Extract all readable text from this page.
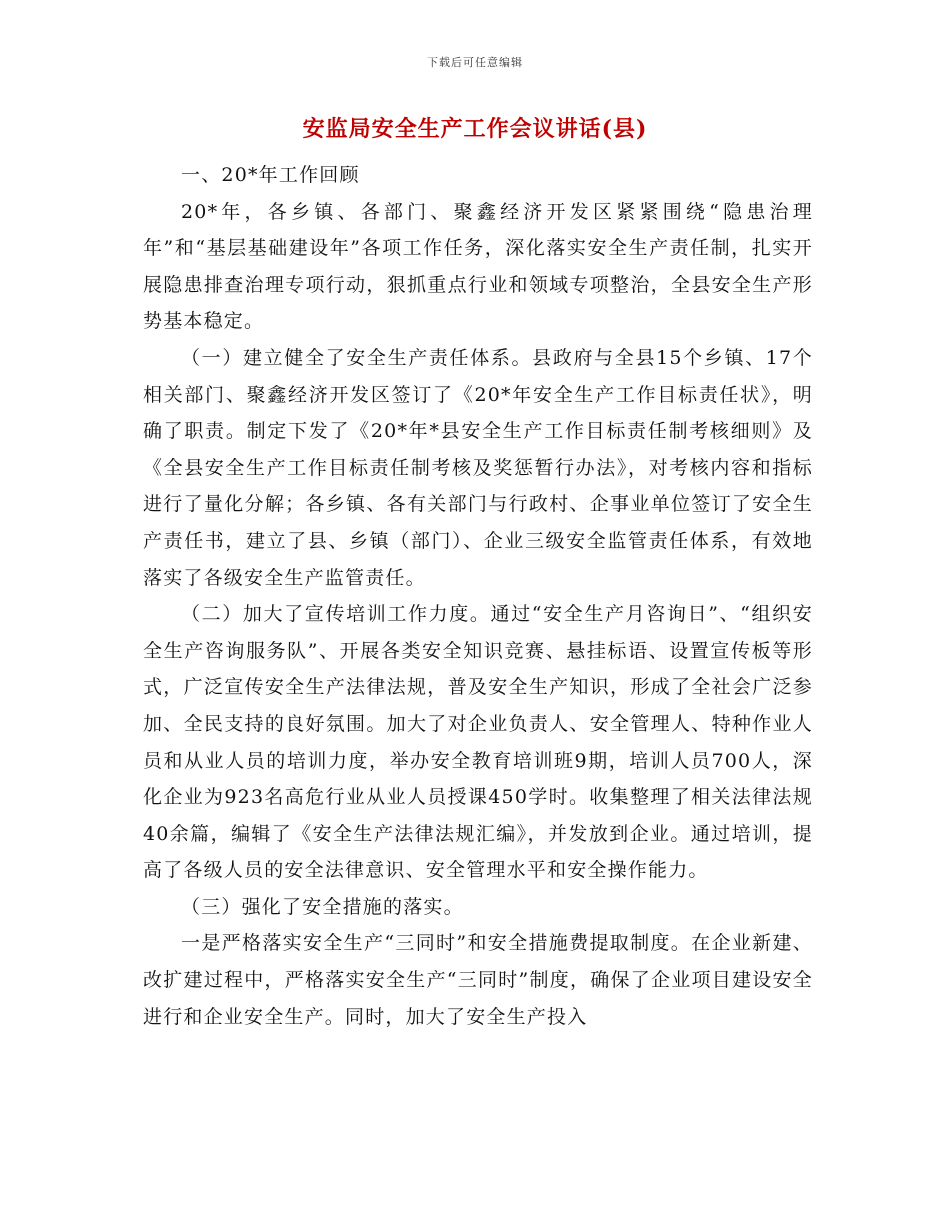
下载后可任意编辑
安监局安全生产工作会议讲话(县)

一、20*年工作回顾

20*年，各乡镇、各部门、聚鑫经济开发区紧紧围绕“隐患治理年”和“基层基础建设年”各项工作任务，深化落实安全生产责任制，扎实开展隐患排查治理专项行动，狠抓重点行业和领域专项整治，全县安全生产形势基本稳定。

（一）建立健全了安全生产责任体系。县政府与全县15个乡镇、17个相关部门、聚鑫经济开发区签订了《20*年安全生产工作目标责任状》，明确了职责。制定下发了《20*年*县安全生产工作目标责任制考核细则》及《全县安全生产工作目标责任制考核及奖惩暂行办法》，对考核内容和指标进行了量化分解；各乡镇、各有关部门与行政村、企事业单位签订了安全生产责任书，建立了县、乡镇（部门）、企业三级安全监管责任体系，有效地落实了各级安全生产监管责任。

（二）加大了宣传培训工作力度。通过“安全生产月咨询日”、“组织安全生产咨询服务队”、开展各类安全知识竞赛、悬挂标语、设置宣传板等形式，广泛宣传安全生产法律法规，普及安全生产知识，形成了全社会广泛参加、全民支持的良好氛围。加大了对企业负责人、安全管理人、特种作业人员和从业人员的培训力度，举办安全教育培训班9期，培训人员700人，深化企业为923名高危行业从业人员授课450学时。收集整理了相关法律法规40余篇，编辑了《安全生产法律法规汇编》，并发放到企业。通过培训，提高了各级人员的安全法律意识、安全管理水平和安全操作能力。

（三）强化了安全措施的落实。

一是严格落实安全生产“三同时”和安全措施费提取制度。在企业新建、改扩建过程中，严格落实安全生产“三同时”制度，确保了企业项目建设安全进行和企业安全生产。同时，加大了安全生产投入
